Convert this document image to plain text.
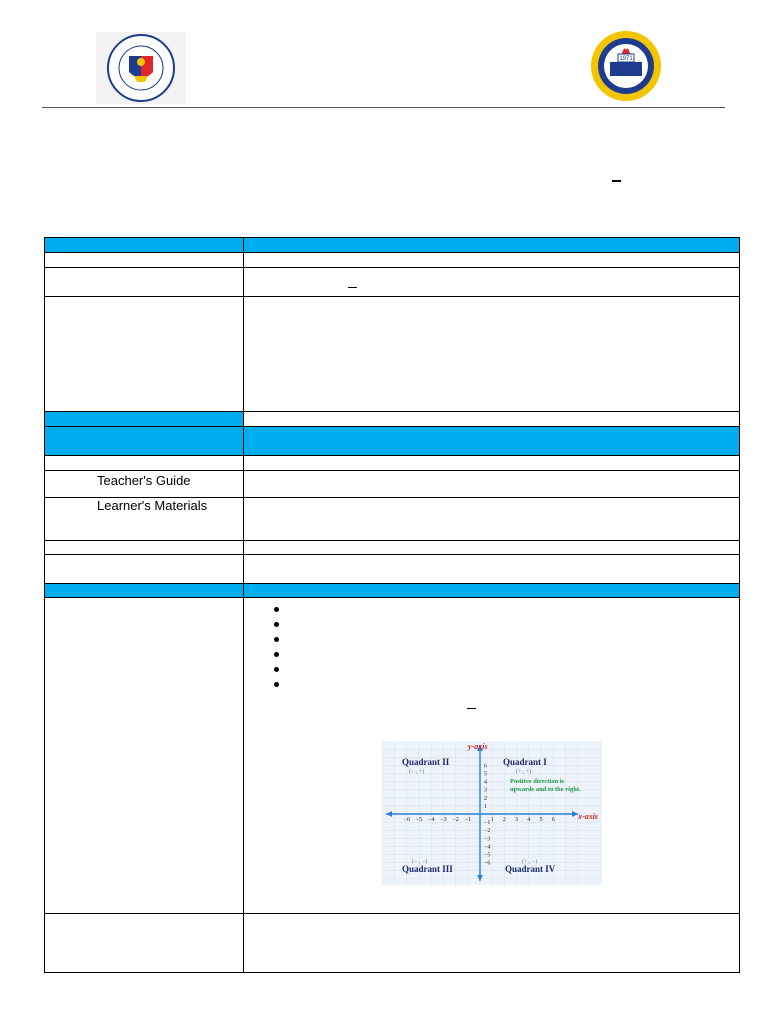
1971
Teacher's Guide
Learner's Materials
−6 −5 −4 −3 −2 −1	1 2 3 4 5 6
6
5
4
3
2
1
−1
−2
−3
−4
−5
−6
x-axis
y-axis
Quadrant II
(− , +)
Quadrant I
(+ , +)
Positive direction is upwards and to the right.
(− , −)
Quadrant III
(+ , −)
Quadrant IV
